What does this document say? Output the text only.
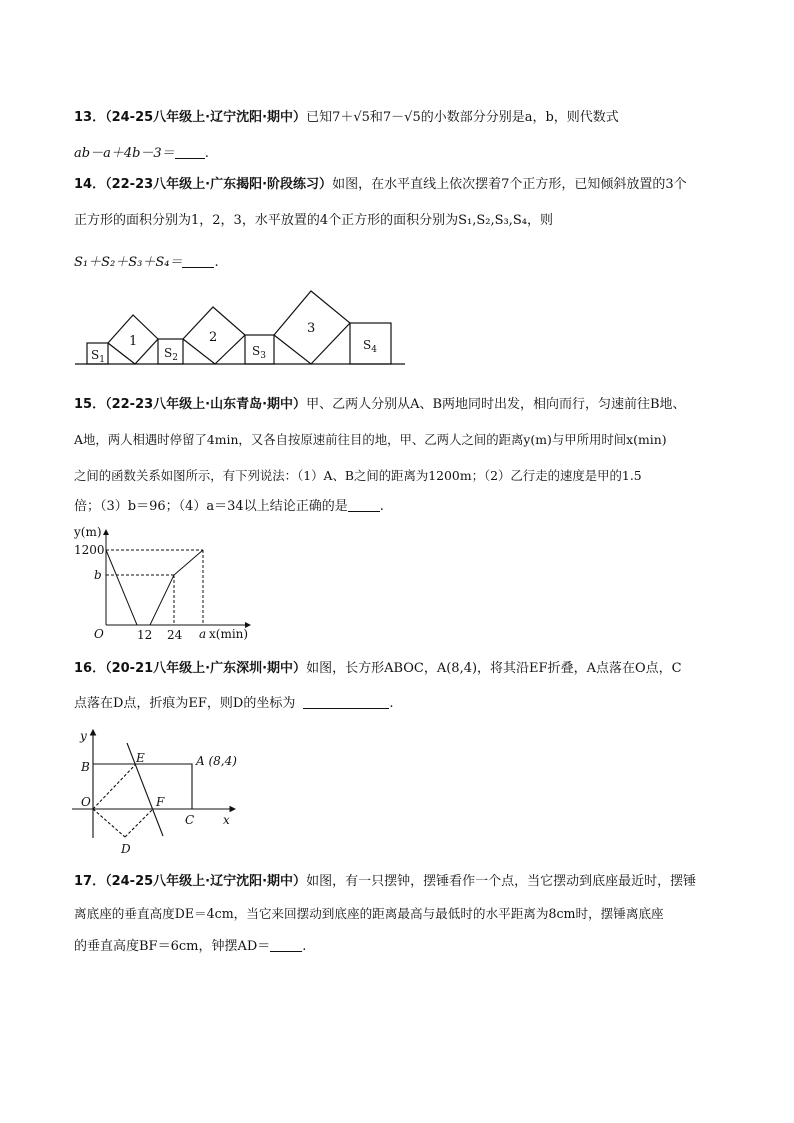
13．（24-25八年级上·辽宁沈阳·期中）已知7＋√5和7－√5的小数部分分别是a，b，则代数式
ab－a＋4b－3＝ .
14．（22-23八年级上·广东揭阳·阶段练习）如图，在水平直线上依次摆着7个正方形，已知倾斜放置的3个
正方形的面积分别为1，2，3，水平放置的4个正方形的面积分别为S₁,S₂,S₃,S₄，则
S₁＋S₂＋S₃＋S₄＝ .
1	2
3
$S_1$	$S_2$	$S_3$
$S_4$
15．（22-23八年级上·山东青岛·期中）甲、乙两人分别从A、B两地同时出发，相向而行，匀速前往B地、
A地，两人相遇时停留了4min，又各自按原速前往目的地，甲、乙两人之间的距离y(m)与甲所用时间x(min)
之间的函数关系如图所示，有下列说法：（1）A、B之间的距离为1200m；（2）乙行走的速度是甲的1.5
倍；（3）b＝96；（4）a＝34以上结论正确的是 .
y(m)
1200
b
O	12 24 a x(min)
16．（20-21八年级上·广东深圳·期中）如图，长方形ABOC，A(8,4)，将其沿EF折叠，A点落在O点，C
点落在D点，折痕为EF，则D的坐标为	.
y
B
E	A (8,4)
O	F
C x
D
17．（24-25八年级上·辽宁沈阳·期中）如图，有一只摆钟，摆锤看作一个点，当它摆动到底座最近时，摆锤
离底座的垂直高度DE＝4cm，当它来回摆动到底座的距离最高与最低时的水平距离为8cm时，摆锤离底座
的垂直高度BF＝6cm，钟摆AD＝ .
